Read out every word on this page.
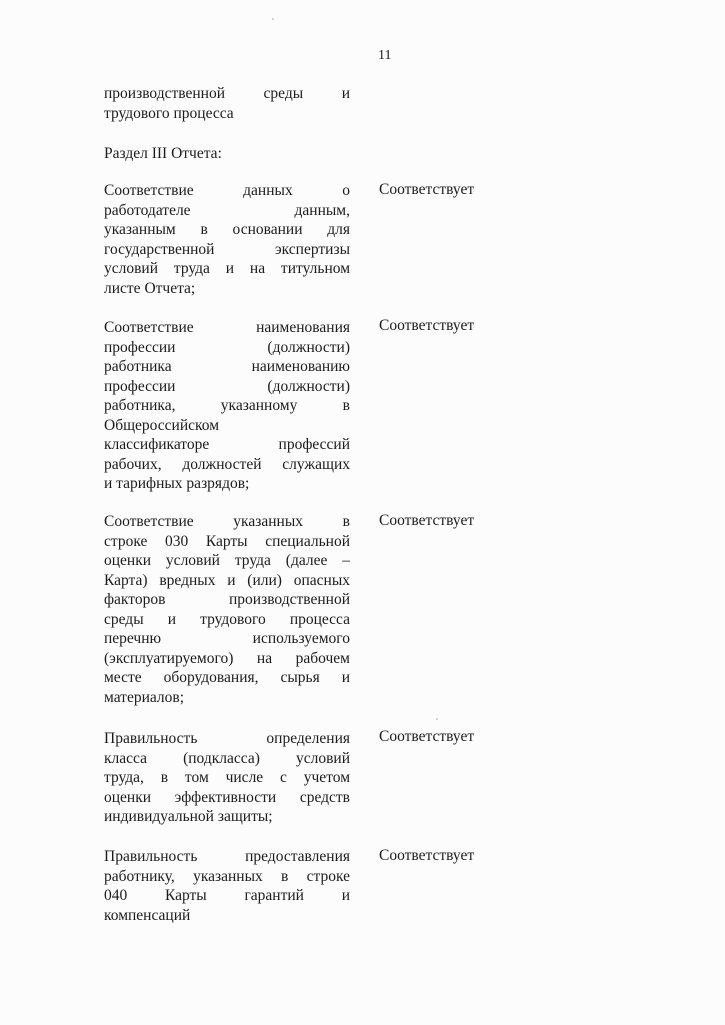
11
производственной среды и
трудового процесса
Раздел III Отчета:
Соответствие данных о
работодателе данным,
указанным в основании для
государственной экспертизы
условий труда и на титульном
листе Отчета;
Соответствует
Соответствие наименования
профессии (должности)
работника наименованию
профессии (должности)
работника, указанному в
Общероссийском
классификаторе профессий
рабочих, должностей служащих
и тарифных разрядов;
Соответствует
Соответствие указанных в
строке 030 Карты специальной
оценки условий труда (далее –
Карта) вредных и (или) опасных
факторов производственной
среды и трудового процесса
перечню используемого
(эксплуатируемого) на рабочем
месте оборудования, сырья и
материалов;
Соответствует
Правильность определения
класса (подкласса) условий
труда, в том числе с учетом
оценки эффективности средств
индивидуальной защиты;
Соответствует
Правильность предоставления
работнику, указанных в строке
040 Карты гарантий и
компенсаций
Соответствует
